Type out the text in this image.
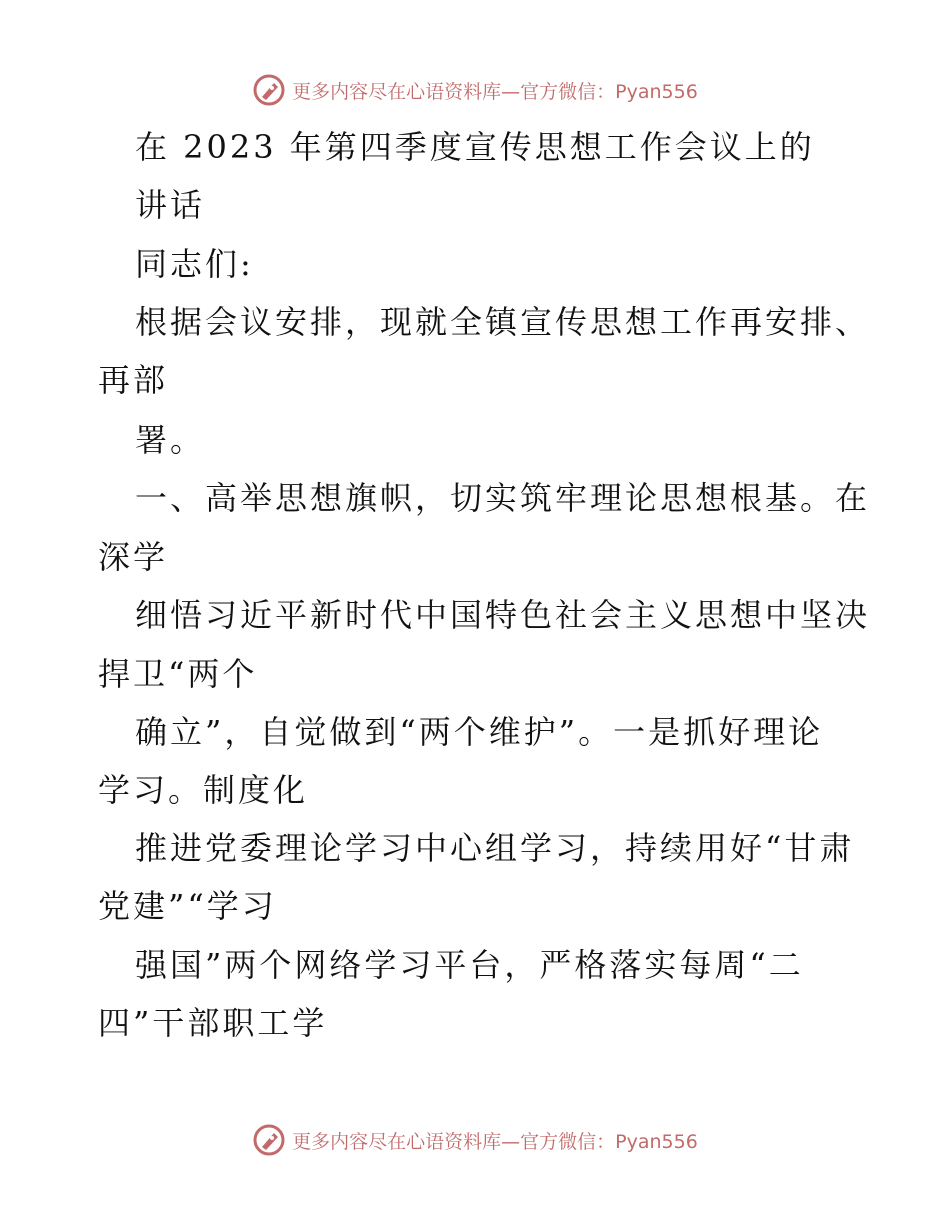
更多内容尽在心语资料库—官方微信：Pyan556
在 2023 年第四季度宣传思想工作会议上的
讲话
同志们:
根据会议安排，现就全镇宣传思想工作再安排、
再部
署。
一、高举思想旗帜，切实筑牢理论思想根基。在
深学
细悟习近平新时代中国特色社会主义思想中坚决
捍卫“两个
确立”，自觉做到“两个维护”。一是抓好理论
学习。制度化
推进党委理论学习中心组学习，持续用好“甘肃
党建”“学习
强国”两个网络学习平台，严格落实每周“二
四”干部职工学
更多内容尽在心语资料库—官方微信：Pyan556
